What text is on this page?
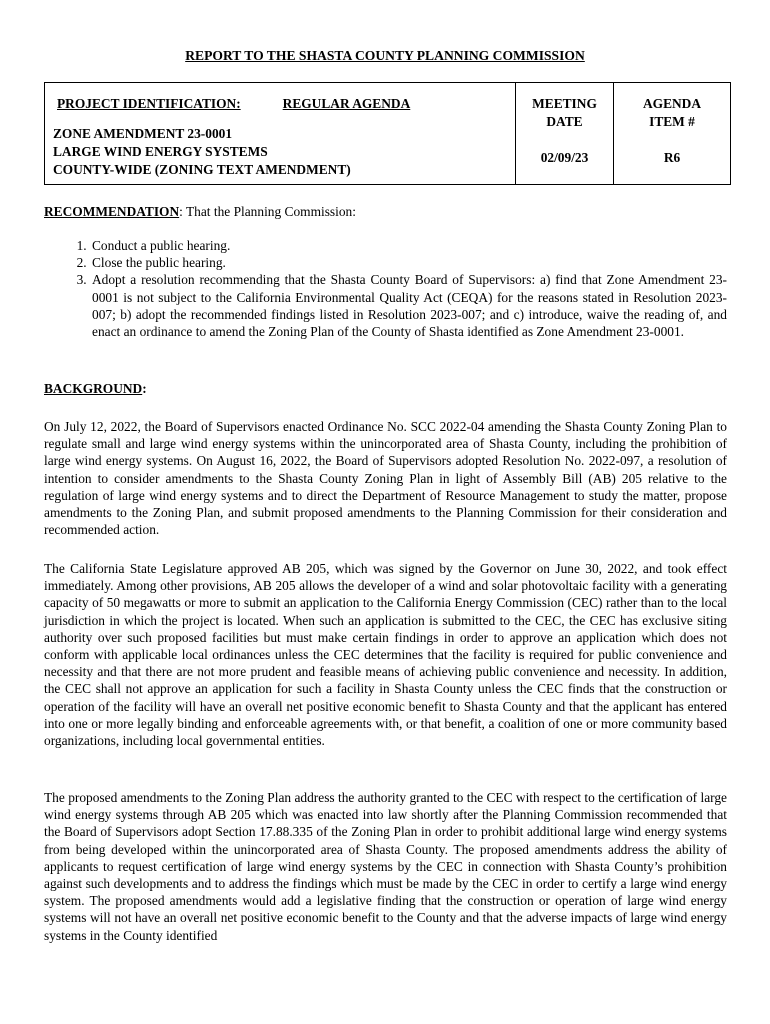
REPORT TO THE SHASTA COUNTY PLANNING COMMISSION
PROJECT IDENTIFICATION:	REGULAR AGENDA
ZONE AMENDMENT 23-0001
LARGE WIND ENERGY SYSTEMS
COUNTY-WIDE (ZONING TEXT AMENDMENT)

MEETING
DATE
02/09/23

AGENDA
ITEM #
R6
RECOMMENDATION: That the Planning Commission:
1. Conduct a public hearing.
2. Close the public hearing.
3. Adopt a resolution recommending that the Shasta County Board of Supervisors: a) find that Zone Amendment 23-0001 is not subject to the California Environmental Quality Act (CEQA) for the reasons stated in Resolution 2023-007; b) adopt the recommended findings listed in Resolution 2023-007; and c) introduce, waive the reading of, and enact an ordinance to amend the Zoning Plan of the County of Shasta identified as Zone Amendment 23-0001.
BACKGROUND:

On July 12, 2022, the Board of Supervisors enacted Ordinance No. SCC 2022-04 amending the Shasta County Zoning Plan to regulate small and large wind energy systems within the unincorporated area of Shasta County, including the prohibition of large wind energy systems. On August 16, 2022, the Board of Supervisors adopted Resolution No. 2022-097, a resolution of intention to consider amendments to the Shasta County Zoning Plan in light of Assembly Bill (AB) 205 relative to the regulation of large wind energy systems and to direct the Department of Resource Management to study the matter, propose amendments to the Zoning Plan, and submit proposed amendments to the Planning Commission for their consideration and recommended action.

The California State Legislature approved AB 205, which was signed by the Governor on June 30, 2022, and took effect immediately. Among other provisions, AB 205 allows the developer of a wind and solar photovoltaic facility with a generating capacity of 50 megawatts or more to submit an application to the California Energy Commission (CEC) rather than to the local jurisdiction in which the project is located. When such an application is submitted to the CEC, the CEC has exclusive siting authority over such proposed facilities but must make certain findings in order to approve an application which does not conform with applicable local ordinances unless the CEC determines that the facility is required for public convenience and necessity and that there are not more prudent and feasible means of achieving public convenience and necessity. In addition, the CEC shall not approve an application for such a facility in Shasta County unless the CEC finds that the construction or operation of the facility will have an overall net positive economic benefit to Shasta County and that the applicant has entered into one or more legally binding and enforceable agreements with, or that benefit, a coalition of one or more community based organizations, including local governmental entities.

The proposed amendments to the Zoning Plan address the authority granted to the CEC with respect to the certification of large wind energy systems through AB 205 which was enacted into law shortly after the Planning Commission recommended that the Board of Supervisors adopt Section 17.88.335 of the Zoning Plan in order to prohibit additional large wind energy systems from being developed within the unincorporated area of Shasta County. The proposed amendments address the ability of applicants to request certification of large wind energy systems by the CEC in connection with Shasta County’s prohibition against such developments and to address the findings which must be made by the CEC in order to certify a large wind energy system. The proposed amendments would add a legislative finding that the construction or operation of large wind energy systems will not have an overall net positive economic benefit to the County and that the adverse impacts of large wind energy systems in the County identified
